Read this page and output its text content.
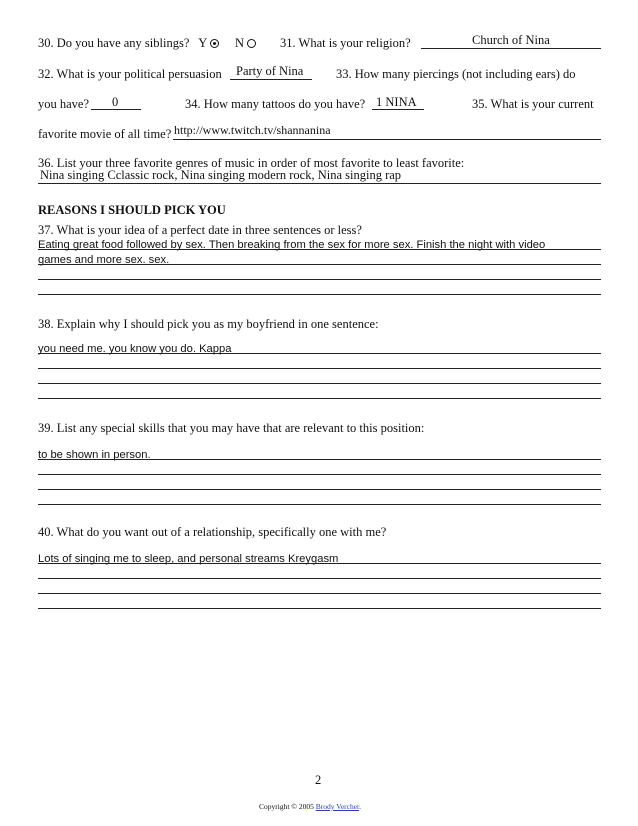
30. Do you have any siblings? Y N	31. What is your religion?	Church of Nina
32. What is your political persuasion Party of Nina	33. How many piercings (not including ears) do
you have? 0	34. How many tattoos do you have? 1 NINA	35. What is your current
favorite movie of all time? http://www.twitch.tv/shannanina
36. List your three favorite genres of music in order of most favorite to least favorite:
Nina singing Cclassic rock, Nina singing modern rock, Nina singing rap
REASONS I SHOULD PICK YOU
37. What is your idea of a perfect date in three sentences or less?
Eating great food followed by sex. Then breaking from the sex for more sex. Finish the night with video
games and more sex. sex.
38. Explain why I should pick you as my boyfriend in one sentence:
you need me. you know you do. Kappa
39. List any special skills that you may have that are relevant to this position:
to be shown in person.
40. What do you want out of a relationship, specifically one with me?
Lots of singing me to sleep, and personal streams Kreygasm
2
Copyright © 2005 Brody Vercher.
